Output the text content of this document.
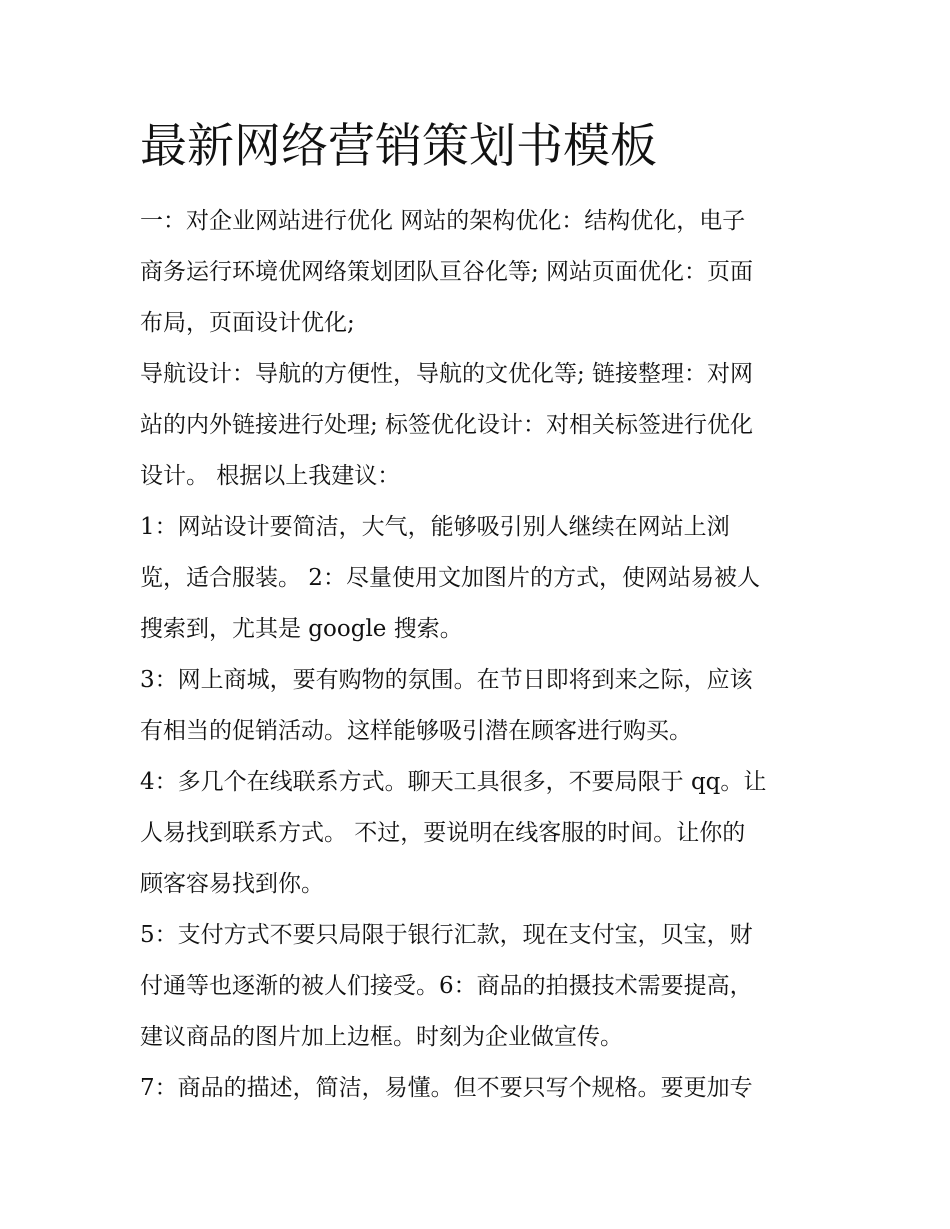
最新网络营销策划书模板
一：对企业网站进行优化 网站的架构优化：结构优化，电子
商务运行环境优网络策划团队亘谷化等; 网站页面优化：页面
布局，页面设计优化;
导航设计：导航的方便性，导航的文优化等; 链接整理：对网
站的内外链接进行处理; 标签优化设计：对相关标签进行优化
设计。 根据以上我建议：
1：网站设计要简洁，大气，能够吸引别人继续在网站上浏
览，适合服装。 2：尽量使用文加图片的方式，使网站易被人
搜索到，尤其是 google 搜索。
3：网上商城，要有购物的氛围。在节日即将到来之际，应该
有相当的促销活动。这样能够吸引潜在顾客进行购买。
4：多几个在线联系方式。聊天工具很多，不要局限于 qq。让
人易找到联系方式。 不过，要说明在线客服的时间。让你的
顾客容易找到你。
5：支付方式不要只局限于银行汇款，现在支付宝，贝宝，财
付通等也逐渐的被人们接受。6：商品的拍摄技术需要提高，
建议商品的图片加上边框。时刻为企业做宣传。
7：商品的描述，简洁，易懂。但不要只写个规格。要更加专
